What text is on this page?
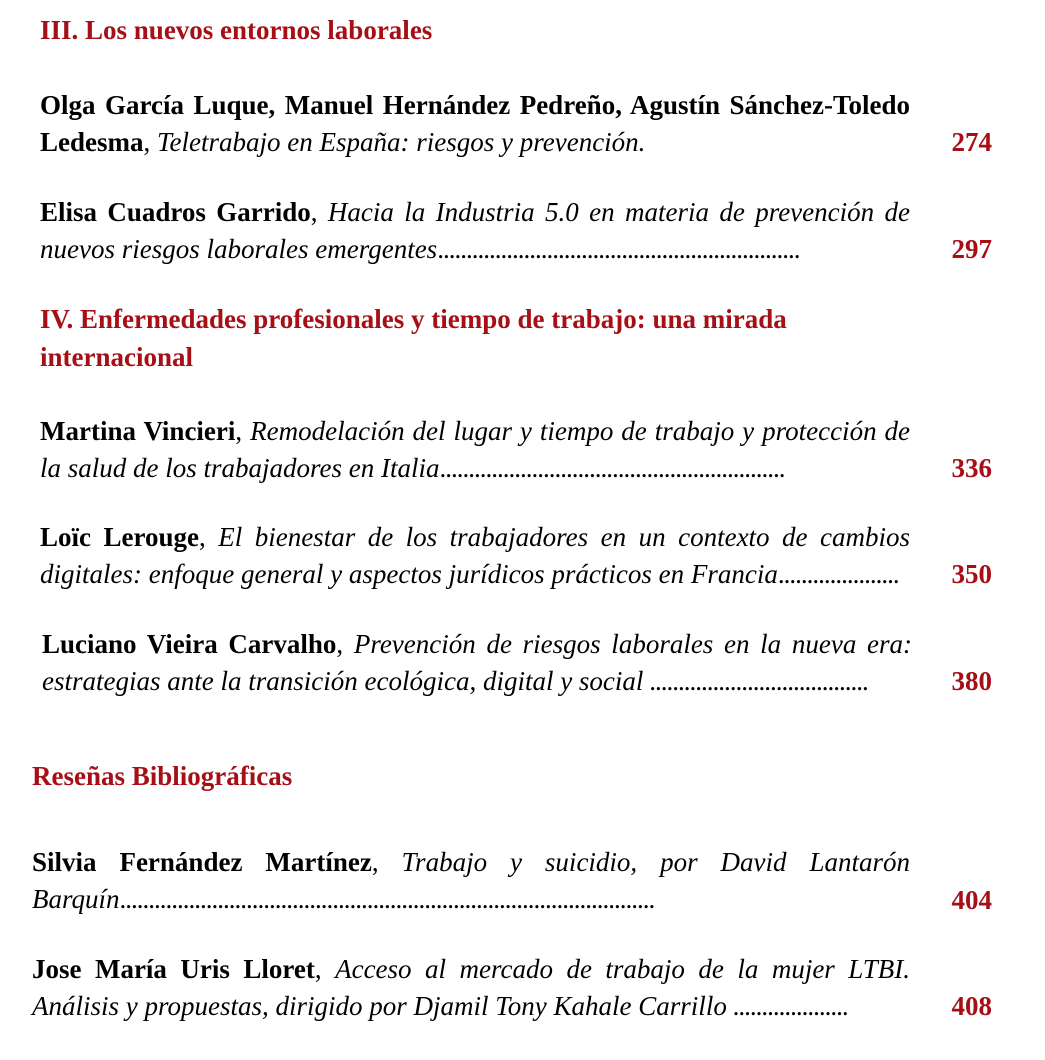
III. Los nuevos entornos laborales
Olga García Luque, Manuel Hernández Pedreño, Agustín Sánchez-Toledo Ledesma, Teletrabajo en España: riesgos y prevención.	274
Elisa Cuadros Garrido, Hacia la Industria 5.0 en materia de prevención de nuevos riesgos laborales emergentes...............................................................	297
IV. Enfermedades profesionales y tiempo de trabajo: una mirada internacional
Martina Vincieri, Remodelación del lugar y tiempo de trabajo y protección de la salud de los trabajadores en Italia............................................................	336
Loïc Lerouge, El bienestar de los trabajadores en un contexto de cambios digitales: enfoque general y aspectos jurídicos prácticos en Francia.....................	350
Luciano Vieira Carvalho, Prevención de riesgos laborales en la nueva era: estrategias ante la transición ecológica, digital y social ......................................	380
Reseñas Bibliográficas
Silvia Fernández Martínez, Trabajo y suicidio, por David Lantarón Barquín.............................................................................................	404
Jose María Uris Lloret, Acceso al mercado de trabajo de la mujer LTBI. Análisis y propuestas, dirigido por Djamil Tony Kahale Carrillo ....................	408
